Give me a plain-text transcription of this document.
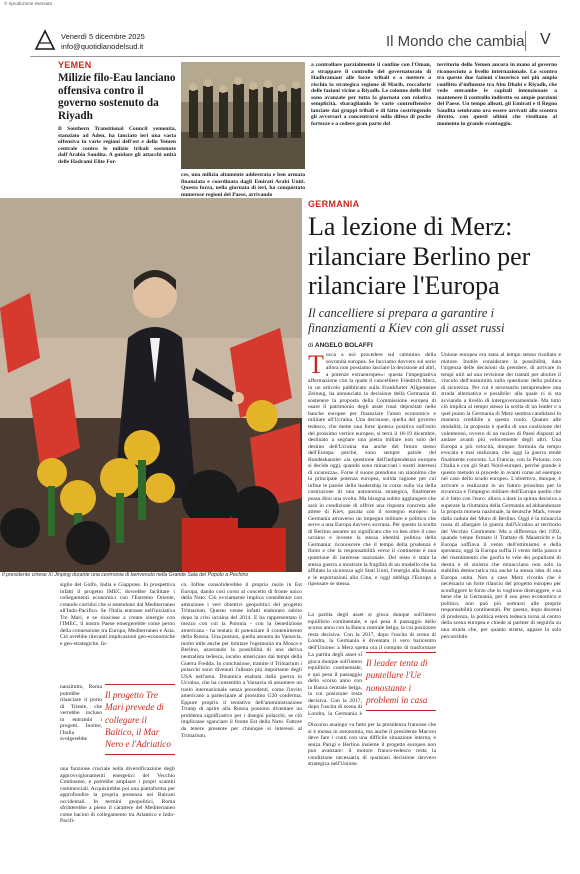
© riproduzione riservata
Venerdì 5 dicembre 2025
info@quotidianodelsud.it	Il Mondo che cambia V
YEMEN
Milizie filo-Eau lanciano offensiva contro il governo sostenuto da Riyadh
Il Southern Transitional Council yemenita, stanziato ad Aden, ha lanciato ieri una vasta offensiva in varie regioni dell'est e dello Yemen centrale contro le milizie tribali sostenute dall'Arabia Saudita. A guidare gli attacchi unità delle Hadrami Elite For-
ces, una milizia altamente addestrata e ben armata finanziata e coordinata dagli Emirati Arabi Uniti. Questa forza, nella giornata di ieri, ha conquistato numerose regioni del Paese, arrivando
a controllare parzialmente il confine con l'Oman, a strappare il controllo del governatorato di Hadhramaut alle forze tribali e a mettere a rischio la strategica regione di Marib, roccaforte delle fazioni vicine a Riyadh. Le colonne delle Hef sono avanzate per tutta la giornata con relativa semplicità, sbaragliando le varie controffensive lanciate dai gruppi tribali e di fatto costringendo gli avversari a concentrarsi sulla difesa di poche fortezze e a cedere gran parte del
territorio dello Yemen ancora in mano al governo riconosciuto a livello internazionale. Lo scontro tra queste due fazioni s'inserisce nel più ampio conflitto d'influenze tra Abu Dhabi e Riyadh, che vede entrambe le capitali intenzionate a mantenere il controllo indiretto su ampie porzioni del Paese. Un tempo alleati, gli Emirati e il Regno Saudita sembrano ora essere arrivati allo scontro diretto, con questi ultimi che risultano al momento in grande svantaggio.
Il presidente cinese Xi Jinping durante una cerimonia di benvenuto nella Grande Sala del Popolo a Pechino
GERMANIA
La lezione di Merz: rilanciare Berlino per rilanciare l'Europa
Il cancelliere si prepara a garantire i finanziamenti a Kiev con gli asset russi
di ANGELO BOLAFFI
T occa a noi procedere sul cammino della sovranità europea. Se facciamo davvero sul serio allora non possiamo lasciare la decisione ad altri, a potenze extraeuropee»: questa l'impegnativa affermazione con la quale il cancelliere Friedrich Merz, in un articolo pubblicato sulla Frankfurter Allgemeine Zeitung, ha annunciato la decisione della Germania di sostenere la proposta della Commissione europea di usare il patrimonio degli asset russi depositati nelle banche europee per finanziare l'aiuto economico e militare all'Ucraina. Una decisione, quella del governo tedesco, che mette una forte ipoteca positiva sull'esito del prossimo vertice europeo, si terrà il 18-19 dicembre, destinato a segnare una pietra miliare non solo del destino dell'Ucraina ma anche del futuro stesso dell'Europa perché, sono sempre parole del Bundeskanzler «la questione dell'indipendenza europea si decide oggi, quando sono minacciati i nostri interessi di sicurezza». Forse il suono prendono un sinonimo che la principale potenza europea, solida ragione per cui infine le parole della leadership in corso sulla via della costruzione di una autonomia strategica, finalmente possa dirsi una svolta. Ma bisogna subito aggiungere che sarà in condizione di offrire una risposta concreta alle attese di Kiev, pacata con il sostegno europeo: la Germania attraverso un impegno militare e politico che serve a una Europa davvero sovrana. Per questo la scelta di Berlino assume un significato che va ben oltre il caso ucraino e investe la stessa identità politica della Germania: riconoscere che il tempo della prudenza è finito e che la responsabilità verso il continente è una questione di interesse nazionale. Del resto è stata la stessa guerra a mostrare la fragilità di un modello che ha affidato la sicurezza agli Stati Uniti, l'energia alla Russia e le esportazioni alla Cina, e oggi obbliga l'Europa a ripensare se stessa.
La partita degli asset si gioca dunque sull'intero equilibrio continentale, e qui pesa il passaggio dello scorso anno con la Banca centrale belga, la cui posizione resta decisiva. Con la 2017, dopo l'uscita di scena di Londra, la Germania è diventata il vero baricentro dell'Unione: a Merz spetta ora il compito di trasformare
La partita degli asset si gioca dunque sull'intero equilibrio continentale, e qui pesa il passaggio dello scorso anno con la Banca centrale belga, la cui posizione resta decisiva. Con la 2017, dopo l'uscita di scena di Londra, la Germania è
Il leader tenta di puntellare l'Ue nonostante i problemi in casa
Discorso analogo va fatto per la presidenza francese che si è mossa in autonomia, ma anche il presidente Macron deve fare i conti con una difficile situazione interna, e senza Parigi e Berlino insieme il progetto europeo non può avanzare: il motore franco-tedesco resta la condizione necessaria di qualsiasi decisione davvero strategica nell'Unione.
Unione europea era stata al tempo stesso risultato e motore. Inutile considerare la possibilità, data l'urgenza delle decisioni da prendere, di arrivare in tempi utili ad una revisione dei trattati per abolire il vincolo dell'unanimità sulla questione della politica di sicurezza. Per cui è necessario intraprendere una strada alternativa e possibile: alla quale ci si sta avviando a livello di intergovernamentale. Ma tutto ciò implica al tempo stesso la scelta di un leader e a quel punto la Germania di Merz sembra candidarsi in maniera credibile a questo ruolo. Quanto alle modalità, la proposta è quella di una coalizione dei volenterosi, ovvero di un nucleo di Paesi disposti ad andare avanti più velocemente degli altri. Una Europa a più velocità, dunque: formula da tempo evocata e mai realizzata, che oggi la guerra rende finalmente concreta. La Francia, con la Polonia, con l'Italia e con gli Stati Nord-europei, perché grande è questo metodo si procede in avanti come ad esempio nel caso dello scudo europeo. L'obiettivo, dunque, è arrivare a realizzare in un futuro prossimo per la sicurezza e l'impegno militare dell'Europa quello che si è fatto con l'euro: allora a dare la spinta decisiva a superare la riluttanza della Germania ad abbandonare la propria moneta nazionale, la deutsche Mark, venne dalla caduta del Muro di Berlino. Oggi è la minaccia russa di allargare la guerra dall'Ucraina al territorio del Vecchio Continente. Ma a differenza del 1992, quando venne firmato il Trattato di Maastricht e la Europa soffiava il vento dell'ottimismo e della speranza, oggi la Europa soffia il vento della paura e del risentimento che gonfia le vele dei populismi di destra e di sinistra che minacciano non solo la stabilità democratica ma anche la stessa idea di una Europa unita. Non a caso Merz ricorda che è necessario un forte rilancio del progetto europeo per sconfiggere le forze che lo vogliono distruggere, e sa bene che la Germania, per il suo peso economico e politico, non può più sottrarsi alle proprie responsabilità continentali. Per questo, dopo decenni di prudenza, la politica estera tedesca torna al centro della scena europea e chiede ai partner di seguirla su una strada che, per quanto stretta, appare la sola percorribile.
siglio del Golfo, India e Giappone. In prospettiva infatti il progetto IMEC dovrebbe facilitare i collegamenti economici con l'Estremo Oriente, creando corridoi che si estendono dal Mediterraneo all'Indo-Pacifico. Se l'Italia entrasse nell'iniziativa Tre Mari, e se riuscisse a creare sinergie con l'IMEC, il nostro Paese emergerebbe come perno della connessione tra Europa, Mediterraneo e Asia. Ciò avrebbe rilevanti implicazioni geo-economiche e geo-strategiche. In-
nanzitutto, Roma potrebbe rilanciare il porto di Trieste, che verrebbe incluso in entrambi i progetti. Inoltre, l'Italia svolgerebbe
Il progetto Tre Mari prevede di collegare il Baltico, il Mar Nero e l'Adriatico
una funzione cruciale nella diversificazione degli approvvigionamenti energetici del Vecchio Continente, e potrebbe ampliare i propri scambi commerciali. Acquisirebbe poi una piattaforma per approfondire la propria presenza nei Balcani occidentali. In termini geopolitici, Roma sfrutterebbe a pieno il carattere del Mediterraneo come bacino di collegamento tra Atlantico e Indo-Pacifi-
co. Infine consoliderebbe il proprio ruolo in Est Europa, dando così corso al concetto di fronte unico della Nato. Ciò ovviamente implica considerare con attenzione i veri obiettivi geopolitici del progetto Trimarium. Questo venne infatti elaborato subito dopo la crisi ucraina del 2014. E ha rappresentato il mezzo con cui la Polonia - con la benedizione americana - ha tentato di potenziare il contenimento della Russia. Una postura, quella assunta da Varsavia, molto utile anche per limitare l'egemonia tra Mosca e Berlino, azzerando la possibilità di una deriva neutralista tedesca, incubo americano dai tempi della Guerra Fredda. In conclusione, tramite il Trimarium i polacchi sono divenuti l'alleato più importante degli USA nell'area. Dinamica esaltata dalla guerra in Ucraina, che ha consentito a Varsavia di assumere un ruolo internazionale senza precedenti, come l'invito americano a partecipare al prossimo G20 conferma. Eppure proprio il tentativo dell'amministrazione Trump di aprire alla Russia possono diventare un problema significativo per i disegni polacchi, se ciò implicasse sganciare il fronte Est della Nato. Fattore da tenere presente per chiunque si interessi al Trimarium.
